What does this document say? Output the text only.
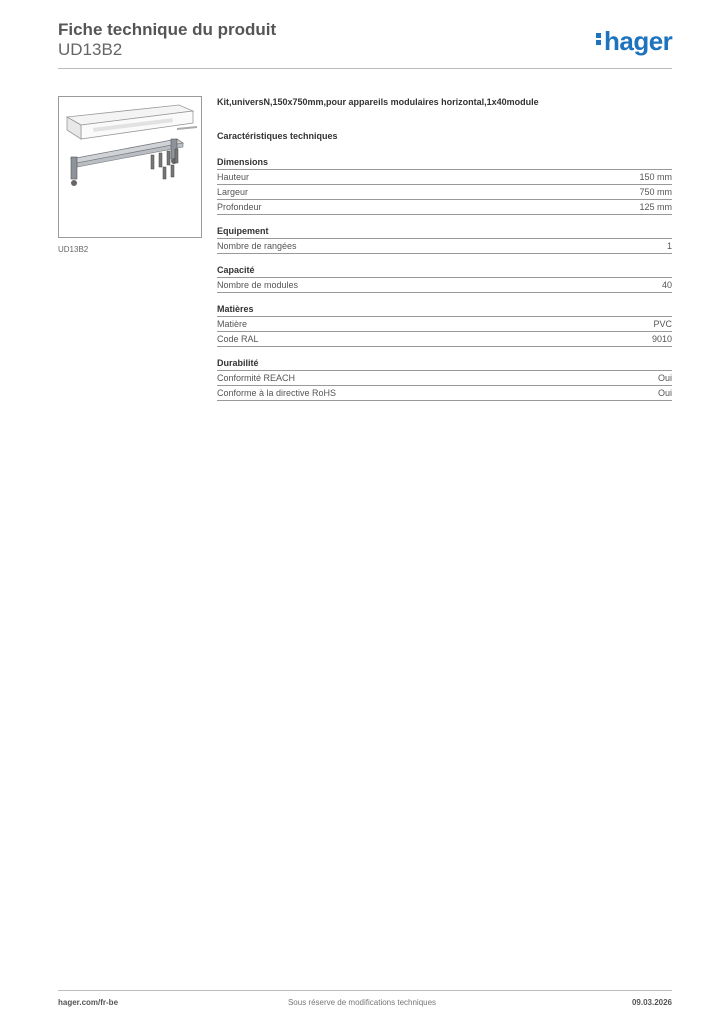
Fiche technique du produit
UD13B2	hager
UD13B2
Kit,universN,150x750mm,pour appareils modulaires horizontal,1x40module
Caractéristiques techniques
Dimensions
Hauteur	150 mm
Largeur	750 mm
Profondeur	125 mm
Equipement
Nombre de rangées	1
Capacité
Nombre de modules	40
Matières
Matière	PVC
Code RAL	9010
Durabilité
Conformité REACH	Oui
Conforme à la directive RoHS	Oui
hager.com/fr-be	Sous réserve de modifications techniques	09.03.2026
